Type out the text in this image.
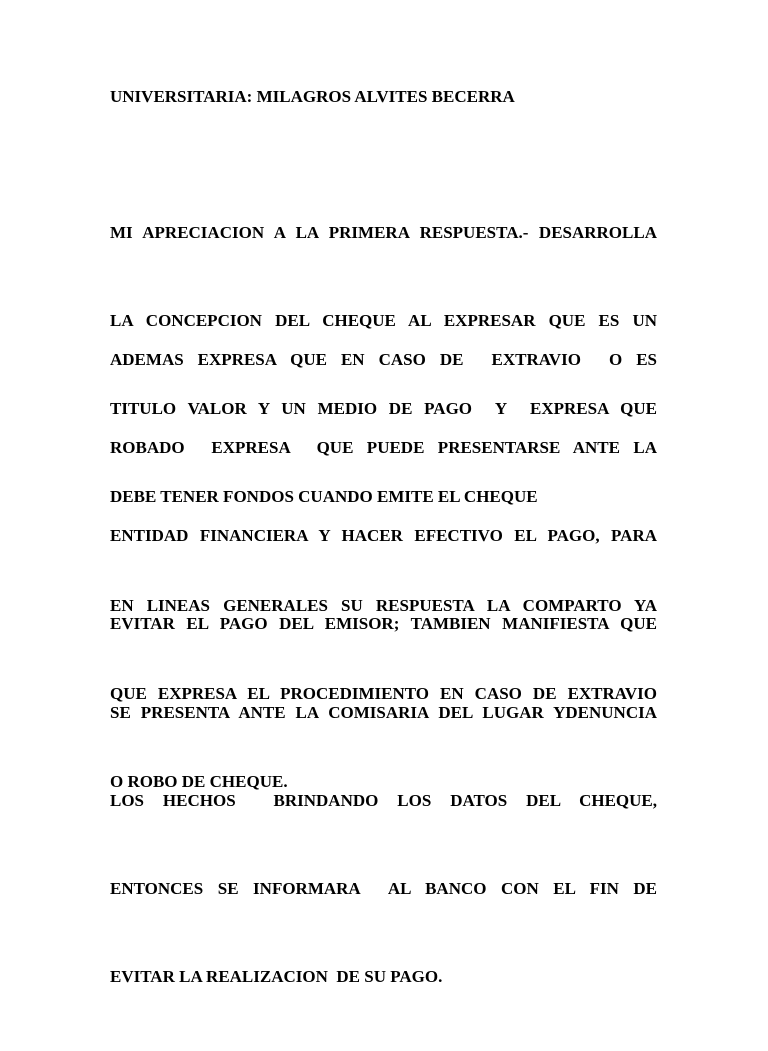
UNIVERSITARIA: MILAGROS ALVITES BECERRA

MI APRECIACION A LA PRIMERA RESPUESTA.- DESARROLLA

LA CONCEPCION DEL CHEQUE AL EXPRESAR QUE ES UN

TITULO VALOR Y UN MEDIO DE PAGO  Y  EXPRESA QUE

DEBE TENER FONDOS CUANDO EMITE EL CHEQUE

ADEMAS EXPRESA QUE EN CASO DE  EXTRAVIO  O ES

ROBADO  EXPRESA  QUE PUEDE PRESENTARSE ANTE LA

ENTIDAD FINANCIERA Y HACER EFECTIVO EL PAGO, PARA

EVITAR EL PAGO DEL EMISOR; TAMBIEN MANIFIESTA QUE

SE PRESENTA ANTE LA COMISARIA DEL LUGAR YDENUNCIA

LOS HECHOS  BRINDANDO LOS DATOS DEL CHEQUE,

ENTONCES SE INFORMARA  AL BANCO CON EL FIN DE

EVITAR LA REALIZACION  DE SU PAGO.

EN LINEAS GENERALES SU RESPUESTA LA COMPARTO YA

QUE EXPRESA EL PROCEDIMIENTO EN CASO DE EXTRAVIO

O ROBO DE CHEQUE.
